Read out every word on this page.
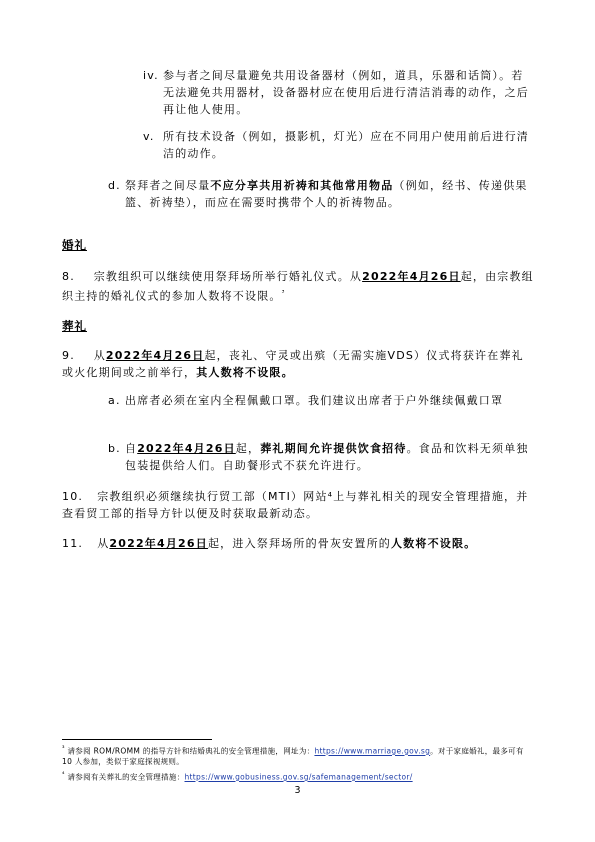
iv. 参与者之间尽量避免共用设备器材（例如，道具，乐器和话筒）。若无法避免共用器材，设备器材应在使用后进行清洁消毒的动作，之后再让他人使用。
v. 所有技术设备（例如，摄影机，灯光）应在不同用户使用前后进行清洁的动作。
d. 祭拜者之间尽量不应分享共用祈祷和其他常用物品（例如，经书、传递供果篮、祈祷垫），而应在需要时携带个人的祈祷物品。
婚礼
8. 宗教组织可以继续使用祭拜场所举行婚礼仪式。从2022年4月26日起，由宗教组织主持的婚礼仪式的参加人数将不设限。$^{^3}$
葬礼
9. 从2022年4月26日起，丧礼、守灵或出殡（无需实施VDS）仪式将获许在葬礼或火化期间或之前举行，其人数将不设限。
a. 出席者必须在室内全程佩戴口罩。我们建议出席者于户外继续佩戴口罩
b. 自2022年4月26日起，葬礼期间允许提供饮食招待。食品和饮料无须单独包装提供给人们。自助餐形式不获允许进行。
10. 宗教组织必须继续执行贸工部（MTI）网站⁴上与葬礼相关的现安全管理措施，并查看贸工部的指导方针以便及时获取最新动态。
11. 从2022年4月26日起，进入祭拜场所的骨灰安置所的人数将不设限。
$^{^3}$ 请参阅 ROM/ROMM 的指导方针和结婚典礼的安全管理措施，网址为：https://www.marriage.gov.sg。对于家庭婚礼，最多可有 10 人参加，类似于家庭探视规则。
$^{^4}$ 请参阅有关葬礼的安全管理措施：https://www.gobusiness.gov.sg/safemanagement/sector/
3
